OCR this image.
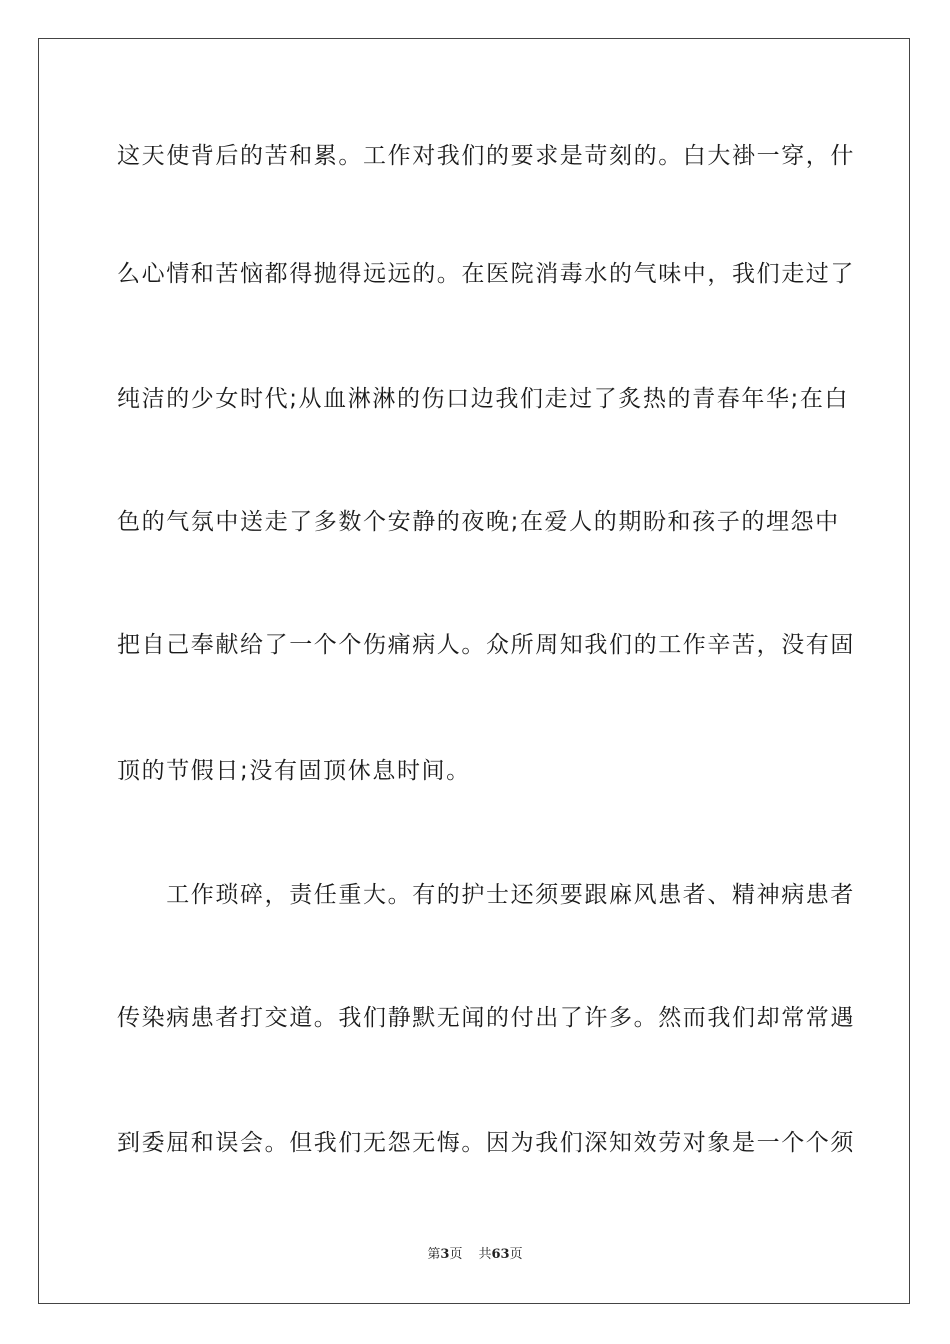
这天使背后的苦和累。工作对我们的要求是苛刻的。白大褂一穿，什
么心情和苦恼都得抛得远远的。在医院消毒水的气味中，我们走过了
纯洁的少女时代;从血淋淋的伤口边我们走过了炙热的青春年华;在白
色的气氛中送走了多数个安静的夜晚;在爱人的期盼和孩子的埋怨中
把自己奉献给了一个个伤痛病人。众所周知我们的工作辛苦，没有固
顶的节假日;没有固顶休息时间。
　　工作琐碎，责任重大。有的护士还须要跟麻风患者、精神病患者
传染病患者打交道。我们静默无闻的付出了许多。然而我们却常常遇
到委屈和误会。但我们无怨无悔。因为我们深知效劳对象是一个个须
第3页 共63页
